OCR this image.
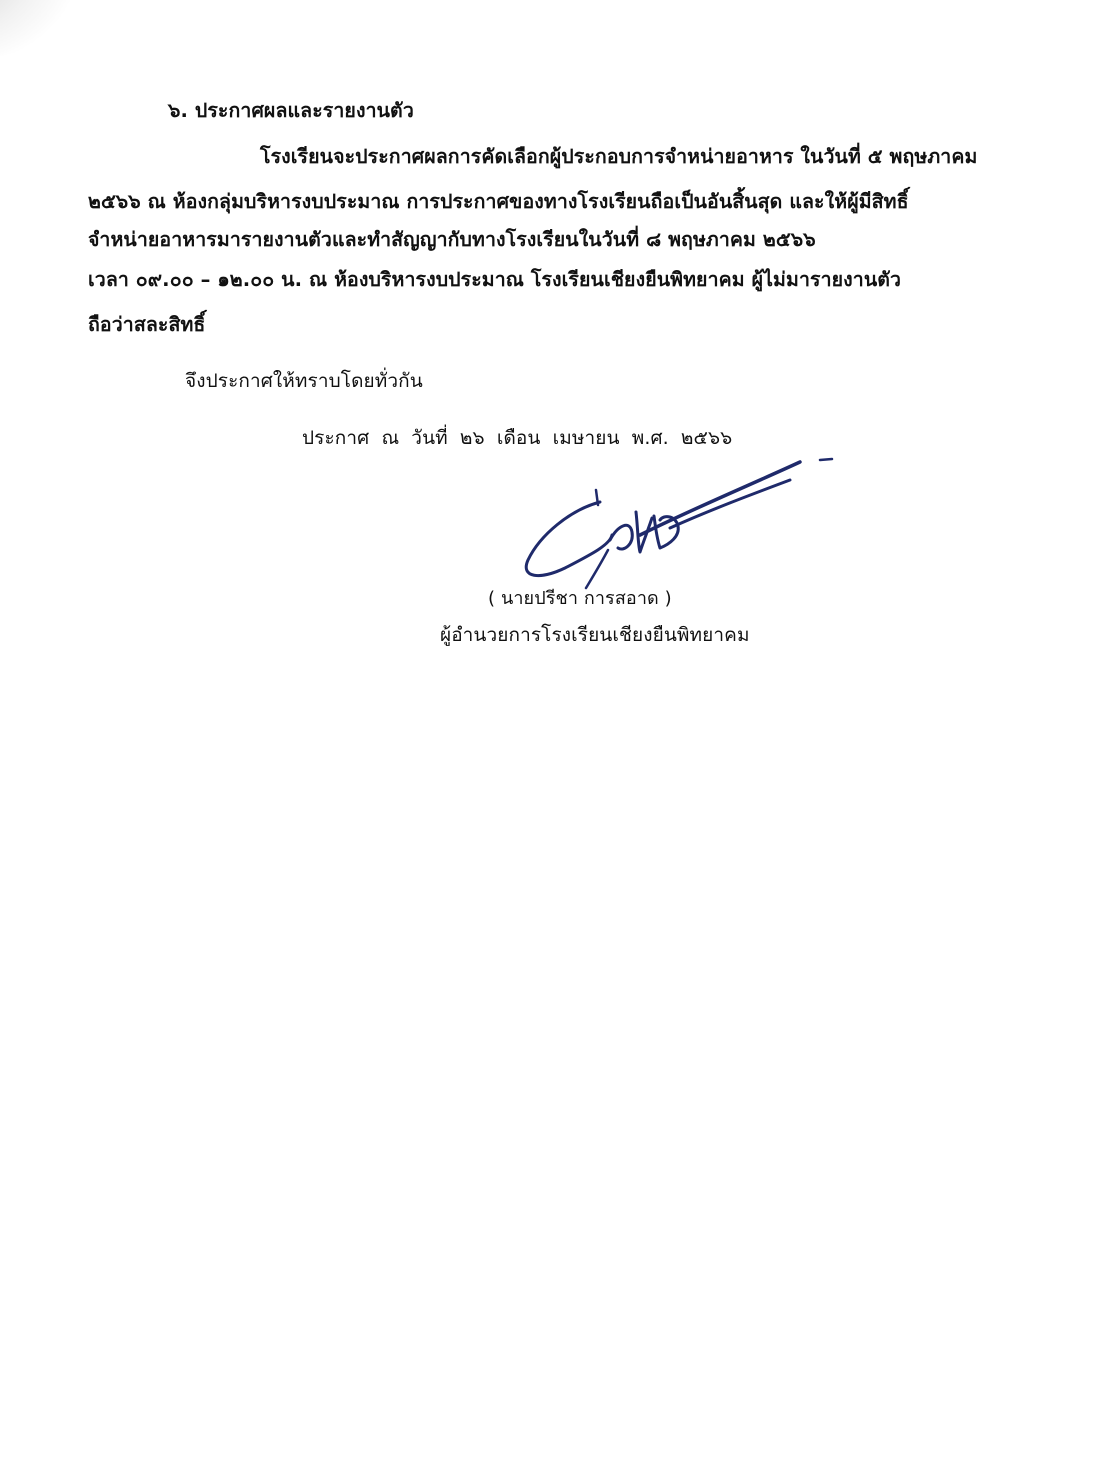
๖. ประกาศผลและรายงานตัว
โรงเรียนจะประกาศผลการคัดเลือกผู้ประกอบการจำหน่ายอาหาร ในวันที่ ๕ พฤษภาคม
๒๕๖๖ ณ ห้องกลุ่มบริหารงบประมาณ การประกาศของทางโรงเรียนถือเป็นอันสิ้นสุด และให้ผู้มีสิทธิ์
จำหน่ายอาหารมารายงานตัวและทำสัญญากับทางโรงเรียนในวันที่ ๘ พฤษภาคม ๒๕๖๖
เวลา ๐๙.๐๐ – ๑๒.๐๐ น. ณ ห้องบริหารงบประมาณ โรงเรียนเชียงยืนพิทยาคม ผู้ไม่มารายงานตัว
ถือว่าสละสิทธิ์
จึงประกาศให้ทราบโดยทั่วกัน
ประกาศ ณ วันที่ ๒๖ เดือน เมษายน พ.ศ. ๒๕๖๖
( นายปรีชา การสอาด )
ผู้อำนวยการโรงเรียนเชียงยืนพิทยาคม
